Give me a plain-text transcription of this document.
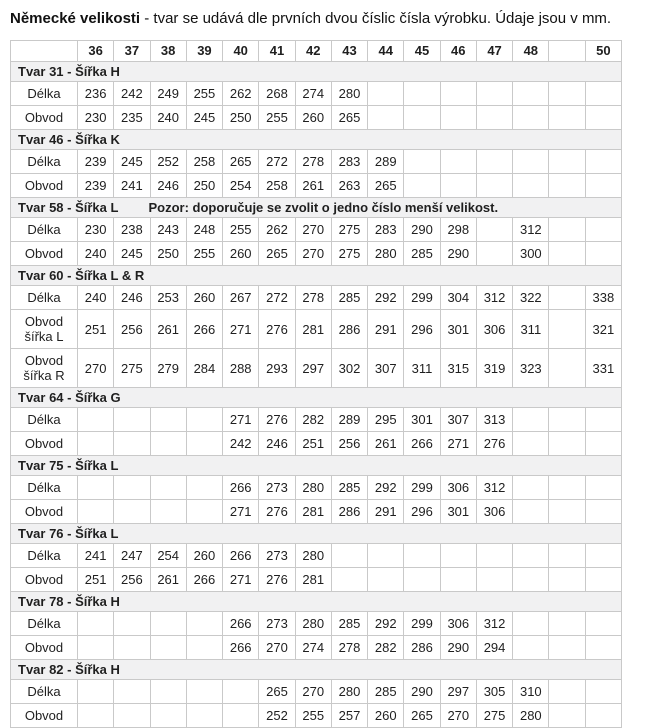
Německé velikosti - tvar se udává dle prvních dvou číslic čísla výrobku. Údaje jsou v mm.

	36	37	38	39	40	41	42	43	44	45	46	47	48		50
Tvar 31 - Šířka H															
Délka	236	242	249	255	262	268	274	280							
Obvod	230	235	240	245	250	255	260	265							
Tvar 46 - Šířka K															
Délka	239	245	252	258	265	272	278	283	289						
Obvod	239	241	246	250	254	258	261	263	265						
Tvar 58 - Šířka L Pozor: doporučuje se zvolit o jedno číslo menší velikost.															
Délka	230	238	243	248	255	262	270	275	283	290	298		312		
Obvod	240	245	250	255	260	265	270	275	280	285	290		300		
Tvar 60 - Šířka L & R															
Délka	240	246	253	260	267	272	278	285	292	299	304	312	322		338
Obvod šířka L	251	256	261	266	271	276	281	286	291	296	301	306	311		321
Obvod šířka R	270	275	279	284	288	293	297	302	307	311	315	319	323		331
Tvar 64 - Šířka G															
Délka					271	276	282	289	295	301	307	313			
Obvod					242	246	251	256	261	266	271	276			
Tvar 75 - Šířka L															
Délka					266	273	280	285	292	299	306	312			
Obvod					271	276	281	286	291	296	301	306			
Tvar 76 - Šířka L															
Délka	241	247	254	260	266	273	280								
Obvod	251	256	261	266	271	276	281								
Tvar 78 - Šířka H															
Délka					266	273	280	285	292	299	306	312			
Obvod					266	270	274	278	282	286	290	294			
Tvar 82 - Šířka H															
Délka						265	270	280	285	290	297	305	310		
Obvod						252	255	257	260	265	270	275	280		
